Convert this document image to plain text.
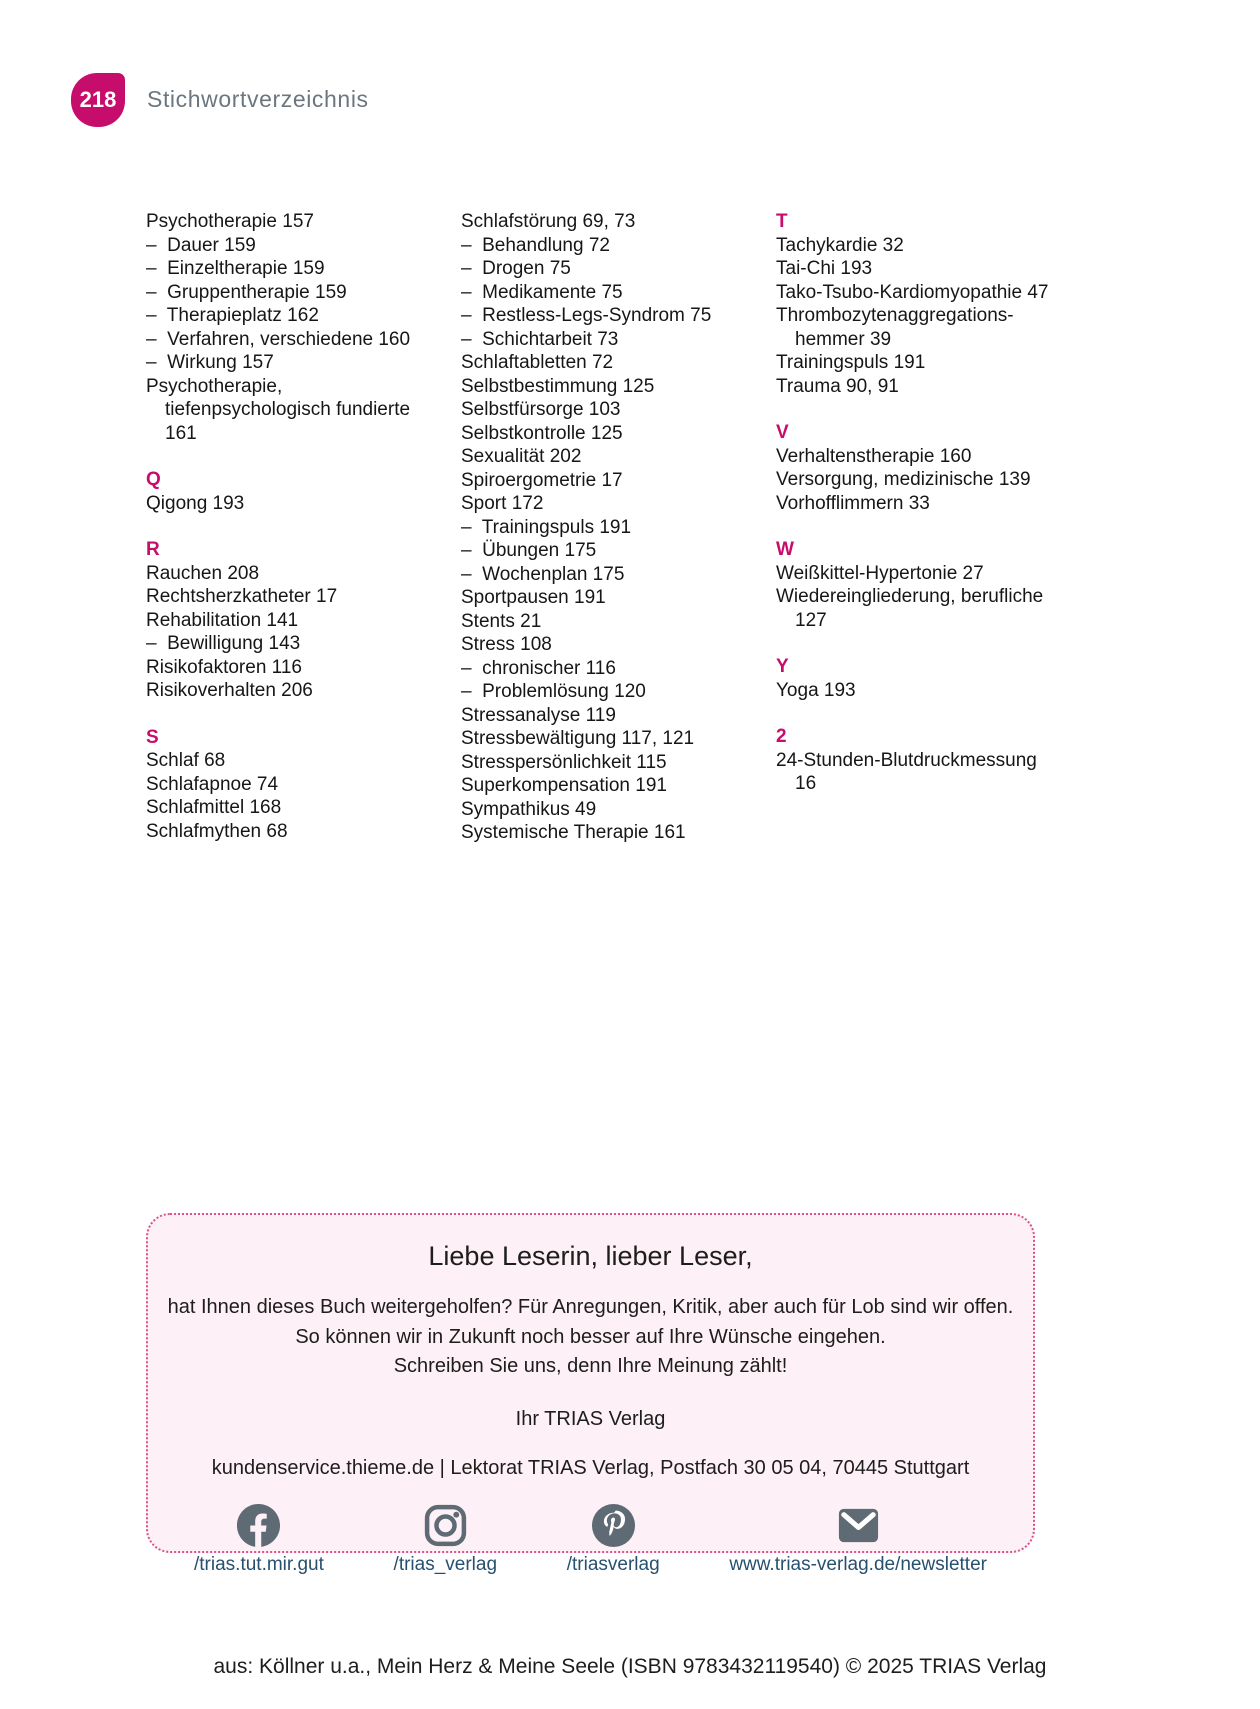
218 Stichwortverzeichnis
Psychotherapie 157
–  Dauer 159
–  Einzeltherapie 159
–  Gruppentherapie 159
–  Therapieplatz 162
–  Verfahren, verschiedene 160
–  Wirkung 157
Psychotherapie,
tiefenpsychologisch fundierte
161
Q
Qigong 193
R
Rauchen 208
Rechtsherzkatheter 17
Rehabilitation 141
–  Bewilligung 143
Risikofaktoren 116
Risikoverhalten 206
S
Schlaf 68
Schlafapnoe 74
Schlafmittel 168
Schlafmythen 68
Schlafstörung 69, 73
–  Behandlung 72
–  Drogen 75
–  Medikamente 75
–  Restless-Legs-Syndrom 75
–  Schichtarbeit 73
Schlaftabletten 72
Selbstbestimmung 125
Selbstfürsorge 103
Selbstkontrolle 125
Sexualität 202
Spiroergometrie 17
Sport 172
–  Trainingspuls 191
–  Übungen 175
–  Wochenplan 175
Sportpausen 191
Stents 21
Stress 108
–  chronischer 116
–  Problemlösung 120
Stressanalyse 119
Stressbewältigung 117, 121
Stresspersönlichkeit 115
Superkompensation 191
Sympathikus 49
Systemische Therapie 161
T
Tachykardie 32
Tai-Chi 193
Tako-Tsubo-Kardiomyopathie 47
Thrombozytenaggregations-
hemmer 39
Trainingspuls 191
Trauma 90, 91
V
Verhaltenstherapie 160
Versorgung, medizinische 139
Vorhofflimmern 33
W
Weißkittel-Hypertonie 27
Wiedereingliederung, berufliche
127
Y
Yoga 193
2
24-Stunden-Blutdruckmessung
16
Liebe Leserin, lieber Leser,
hat Ihnen dieses Buch weitergeholfen? Für Anregungen, Kritik, aber auch für Lob sind wir offen.
So können wir in Zukunft noch besser auf Ihre Wünsche eingehen.
Schreiben Sie uns, denn Ihre Meinung zählt!
Ihr TRIAS Verlag
kundenservice.thieme.de | Lektorat TRIAS Verlag, Postfach 30 05 04, 70445 Stuttgart
/trias.tut.mir.gut	/trias_verlag	/triasverlag	www.trias-verlag.de/newsletter
aus: Köllner u.a., Mein Herz & Meine Seele (ISBN 9783432119540) © 2025 TRIAS Verlag
